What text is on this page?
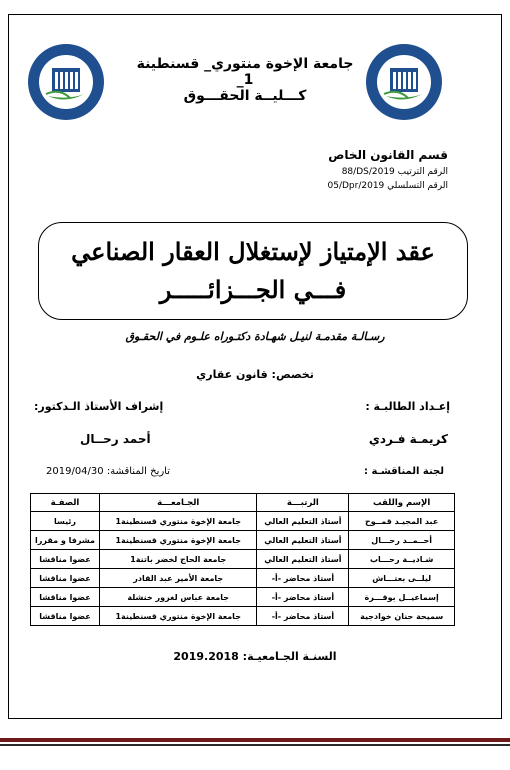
جامعة الإخوة منتوري_ قسنطينة 1_
كـــليــة الحقـــوق
قسم القانون الخاص
الرقم الترتيب 88/DS/2019
الرقم التسلسلي 05/Dpr/2019
عقد الإمتياز لإستغلال العقار الصناعي
فـــي الجـــزائـــــر
رسـالـة مقدمـة لنيـل شهـادة دكتـوراه علـوم في الحقـوق
تخصص: قانون عقاري
إعـداد الطالبـة :
إشراف الأستاذ الـدكتور:
كريمـة فـردي
أحمد رحــال
لجنة المناقشـة :
تاريخ المناقشة: 2019/04/30
الإسم واللقب	الرتبـــة	الجـامعـــة	الصفـة
عبد المجيـد قمــوح	أستاذ التعليم العالي	جامعة الإخوة منتوري قسنطينة1	رئيسا
أحــمــد رحـــال	أستاذ التعليم العالي	جامعة الإخوة منتوري قسنطينة1	مشرفا و مقررا
شـاديــة رحـــاب	أستاذ التعليم العالي	جامعة الحاج لخضر باتنة1	عضوا مناقشا
ليلــى بعتـــاش	أستاذ محاضر -أ-	جامعة الأمير عبد القادر	عضوا مناقشا
إسماعيــل بوقـــرة	أستاذ محاضر -أ-	جامعة عباس لغرور خنشلة	عضوا مناقشا
سميحة حنان خوادجية	أستاذ محاضر -أ-	جامعة الإخوة منتوري قسنطينة1	عضوا مناقشا
السنـة الجـامعيـة: 2019.2018
